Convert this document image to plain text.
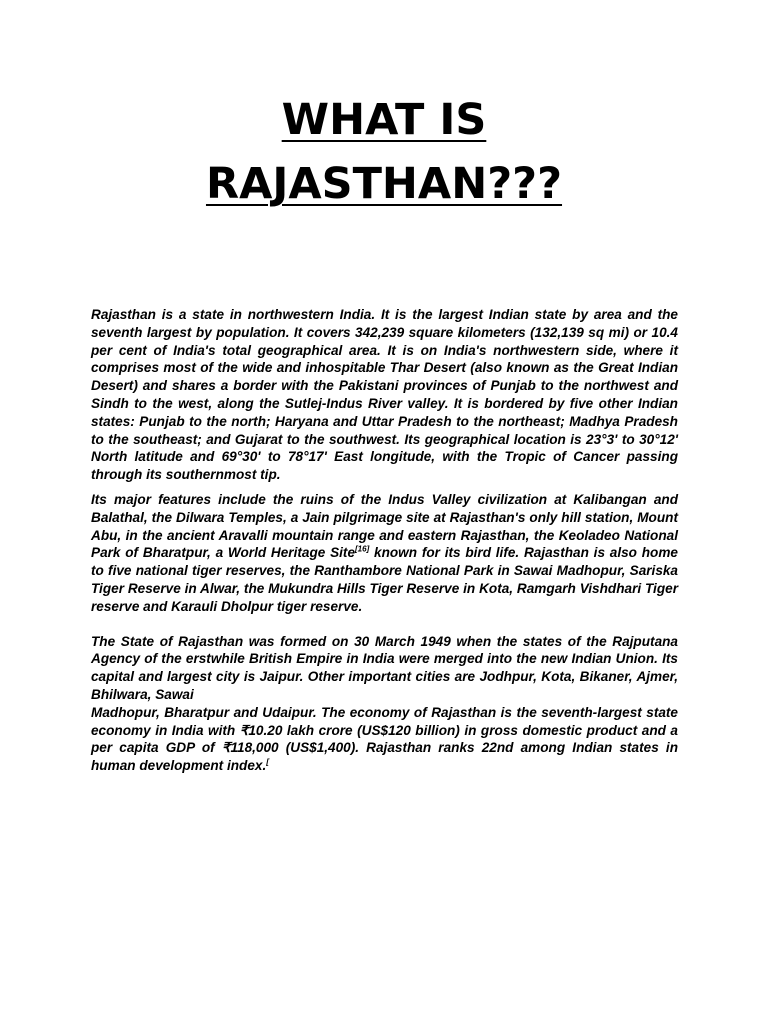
WHAT IS
RAJASTHAN???

Rajasthan is a state in northwestern India. It is the largest Indian state by area and the seventh largest by population. It covers 342,239 square kilometers (132,139 sq mi) or 10.4 per cent of India's total geographical area. It is on India's northwestern side, where it comprises most of the wide and inhospitable Thar Desert (also known as the Great Indian Desert) and shares a border with the Pakistani provinces of Punjab to the northwest and Sindh to the west, along the Sutlej-Indus River valley. It is bordered by five other Indian states: Punjab to the north; Haryana and Uttar Pradesh to the northeast; Madhya Pradesh to the southeast; and Gujarat to the southwest. Its geographical location is 23°3' to 30°12' North latitude and 69°30' to 78°17' East longitude, with the Tropic of Cancer passing through its southernmost tip.

Its major features include the ruins of the Indus Valley civilization at Kalibangan and Balathal, the Dilwara Temples, a Jain pilgrimage site at Rajasthan's only hill station, Mount Abu, in the ancient Aravalli mountain range and eastern Rajasthan, the Keoladeo National Park of Bharatpur, a World Heritage Site[16] known for its bird life. Rajasthan is also home to five national tiger reserves, the Ranthambore National Park in Sawai Madhopur, Sariska Tiger Reserve in Alwar, the Mukundra Hills Tiger Reserve in Kota, Ramgarh Vishdhari Tiger reserve and Karauli Dholpur tiger reserve.

The State of Rajasthan was formed on 30 March 1949 when the states of the Rajputana Agency of the erstwhile British Empire in India were merged into the new Indian Union. Its capital and largest city is Jaipur. Other important cities are Jodhpur, Kota, Bikaner, Ajmer, Bhilwara, Sawai
Madhopur, Bharatpur and Udaipur. The economy of Rajasthan is the seventh-largest state economy in India with ₹10.20 lakh crore (US$120 billion) in gross domestic product and a per capita GDP of ₹118,000 (US$1,400). Rajasthan ranks 22nd among Indian states in human development index.[
